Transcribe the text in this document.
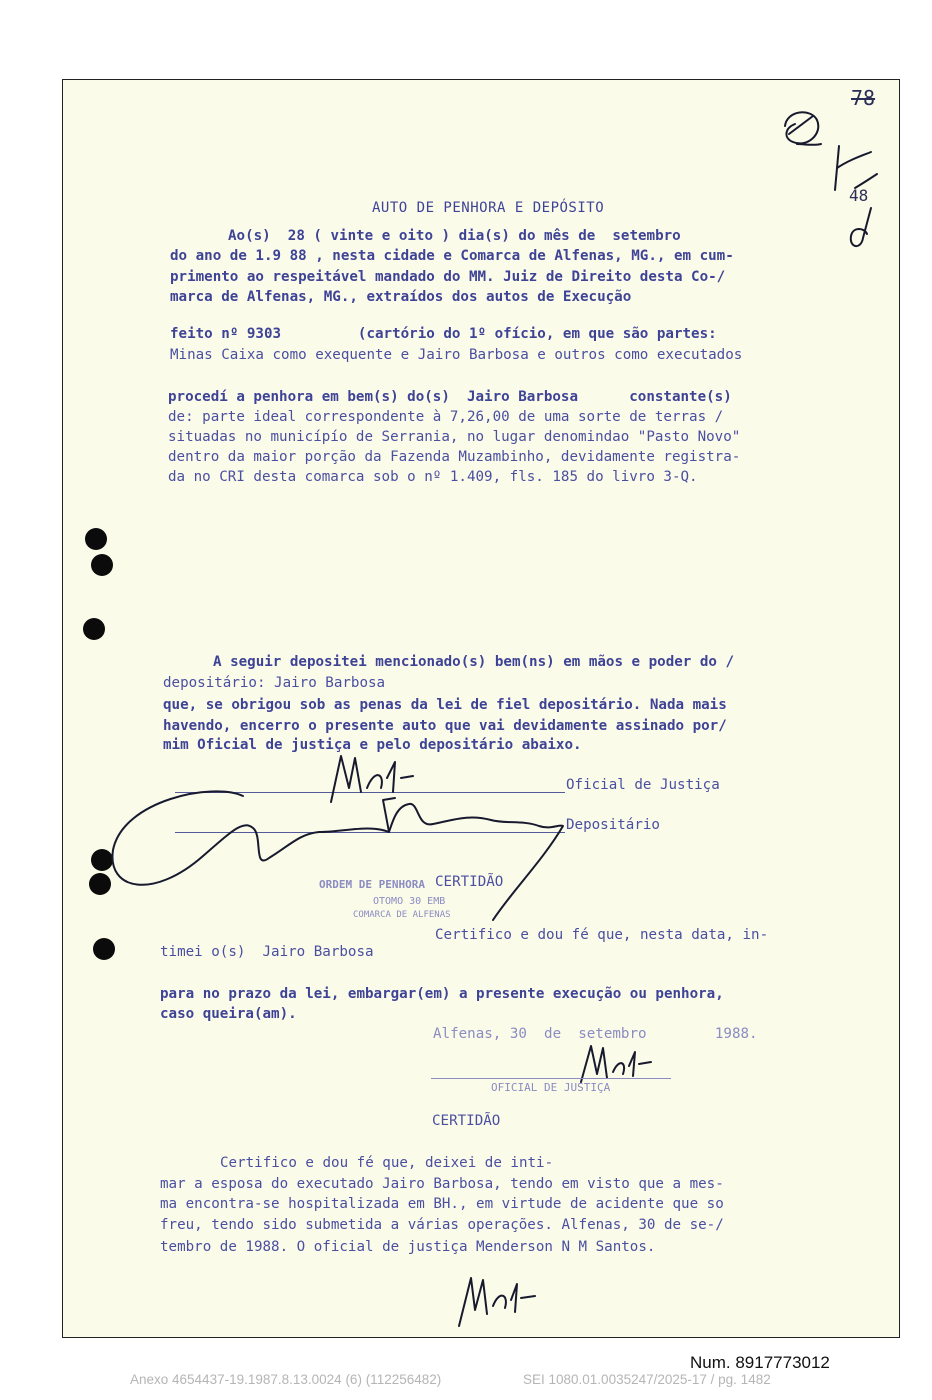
78
48
AUTO DE PENHORA E DEPÓSITO
Ao(s)  28 ( vinte e oito ) dia(s) do mês de  setembro
do ano de 1.9 88 , nesta cidade e Comarca de Alfenas, MG., em cum-
primento ao respeitável mandado do MM. Juiz de Direito desta Co-/
marca de Alfenas, MG., extraídos dos autos de Execução
feito nº 9303         (cartório do 1º ofício, em que são partes:
Minas Caixa como exequente e Jairo Barbosa e outros como executados
procedí a penhora em bem(s) do(s)  Jairo Barbosa      constante(s)
de: parte ideal correspondente à 7,26,00 de uma sorte de terras /
situadas no municípío de Serrania, no lugar denomindao "Pasto Novo"
dentro da maior porção da Fazenda Muzambinho, devidamente registra-
da no CRI desta comarca sob o nº 1.409, fls. 185 do livro 3-Q.
A seguir depositei mencionado(s) bem(ns) em mãos e poder do /
depositário: Jairo Barbosa
que, se obrigou sob as penas da lei de fiel depositário. Nada mais
havendo, encerro o presente auto que vai devidamente assinado por/
mim Oficial de justiça e pelo depositário abaixo.
Oficial de Justiça
Depositário
ORDEM DE PENHORA
OTOMO 30 EMB
COMARCA DE ALFENAS
CERTIDÃO
Certifico e dou fé que, nesta data, in-
timei o(s)  Jairo Barbosa
para no prazo da lei, embargar(em) a presente execução ou penhora,
caso queira(am).
Alfenas, 30  de  setembro        1988.
OFICIAL DE JUSTIÇA
CERTIDÃO
Certifico e dou fé que, deixei de inti-
mar a esposa do executado Jairo Barbosa, tendo em visto que a mes-
ma encontra-se hospitalizada em BH., em virtude de acidente que so
freu, tendo sido submetida a várias operações. Alfenas, 30 de se-/
tembro de 1988. O oficial de justiça Menderson N M Santos.
Num. 8917773012
Anexo 4654437-19.1987.8.13.0024 (6) (112256482)	SEI 1080.01.0035247/2025-17 / pg. 1482
